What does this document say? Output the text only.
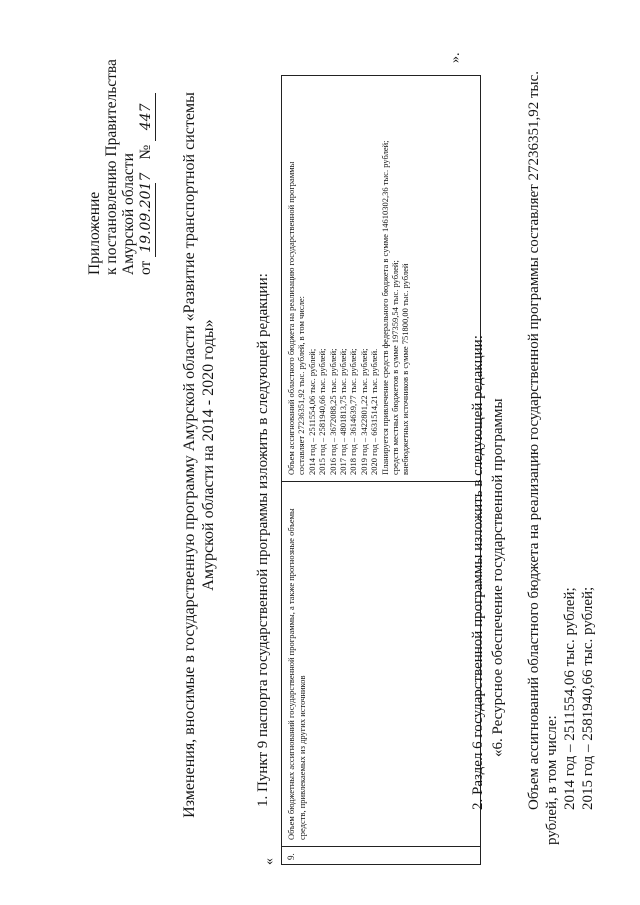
Приложение к постановлению Правительства Амурской области от 19.09.2017      № 447 Изменения, вносимые в государственную программу Амурской области «Развитие транспортной системы Амурской области на 2014 - 2020 годы»
«
1. Пункт 9 паспорта государственной программы изложить в следующей редакции:
9.
Объем бюджетных ассигнований государственной программы, а также прогнозные объемы средств, привлекаемых из других источников
Объем ассигнований областного бюджета на реализацию государственной программы составляет 27236351,92 тыс. рублей, в том числе: 2014 год – 2511554,06 тыс. рублей; 2015 год – 2581940,66 тыс. рублей; 2016 год – 3672088,25 тыс. рублей; 2017 год – 4801813,75 тыс. рублей; 2018 год – 3614639,77 тыс. рублей; 2019 год – 3422801,22 тыс. рублей; 2020 год – 6631514,21 тыс. рублей. Планируется привлечение средств федерального бюджета в сумме 14610302,36 тыс. рублей; средств местных бюджетов в сумме 197359,54 тыс. рублей; внебюджетных источников в сумме 751800,00 тыс. рублей
».
2. Раздел 6 государственной программы изложить в следующей редакции: «6. Ресурсное обеспечение государственной программы Объем ассигнований областного бюджета на реализацию государственной программы составляет 27236351,92 тыс. рублей, в том числе: 2014 год – 2511554,06 тыс. рублей; 2015 год – 2581940,66 тыс. рублей;
